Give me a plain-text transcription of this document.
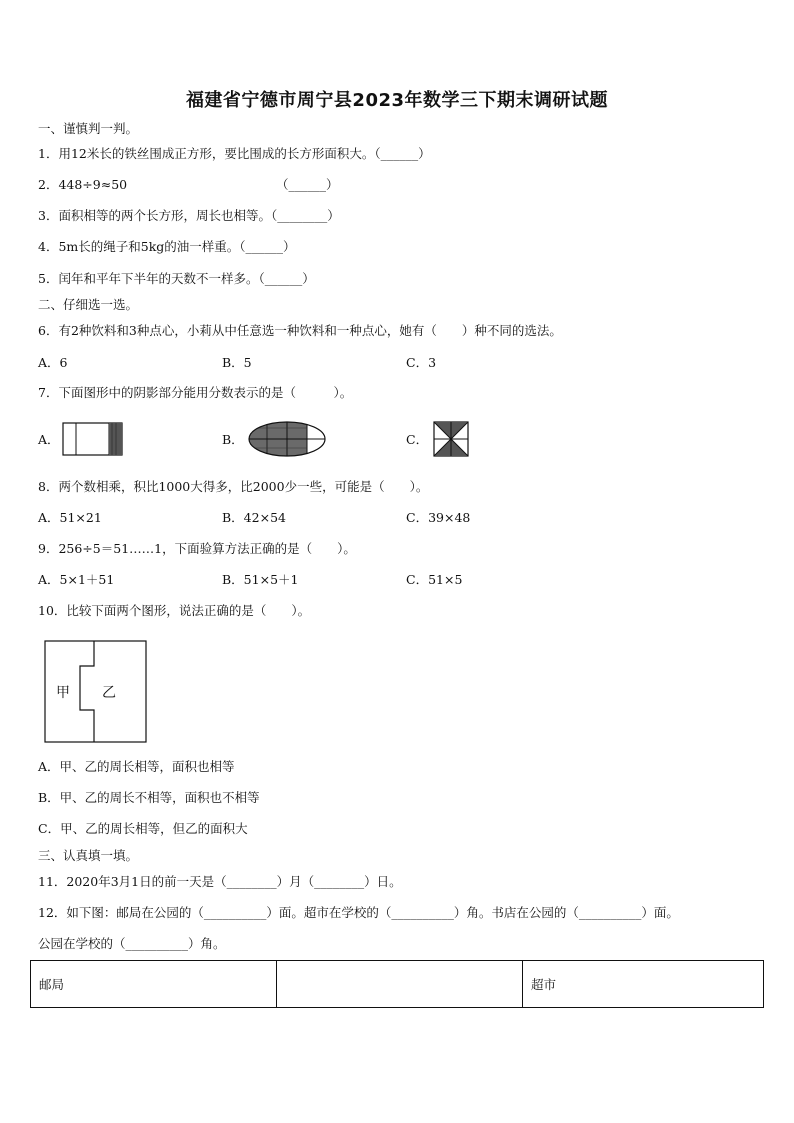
福建省宁德市周宁县2023年数学三下期末调研试题
一、谨慎判一判。
1．用12米长的铁丝围成正方形，要比围成的长方形面积大。（______）
2．448÷9≈50	（______）
3．面积相等的两个长方形，周长也相等。（________）
4．5m长的绳子和5kg的油一样重。（______）
5．闰年和平年下半年的天数不一样多。（______）
二、仔细选一选。
6．有2种饮料和3种点心，小莉从中任意选一种饮料和一种点心，她有（　　）种不同的选法。
A．6	B．5	C．3
7．下面图形中的阴影部分能用分数表示的是（　　　）。
A．	B．	C．
8．两个数相乘，积比1000大得多，比2000少一些，可能是（　　）。
A．51×21	B．42×54	C．39×48
9．256÷5＝51……1，下面验算方法正确的是（　　）。
A．5×1＋51	B．51×5＋1	C．51×5
10．比较下面两个图形，说法正确的是（　　）。
甲 乙
A．甲、乙的周长相等，面积也相等
B．甲、乙的周长不相等，面积也不相等
C．甲、乙的周长相等，但乙的面积大
三、认真填一填。
11．2020年3月1日的前一天是（________）月（________）日。
12．如下图：邮局在公园的（__________）面。超市在学校的（__________）角。书店在公园的（__________）面。
公园在学校的（__________）角。
邮局		超市
